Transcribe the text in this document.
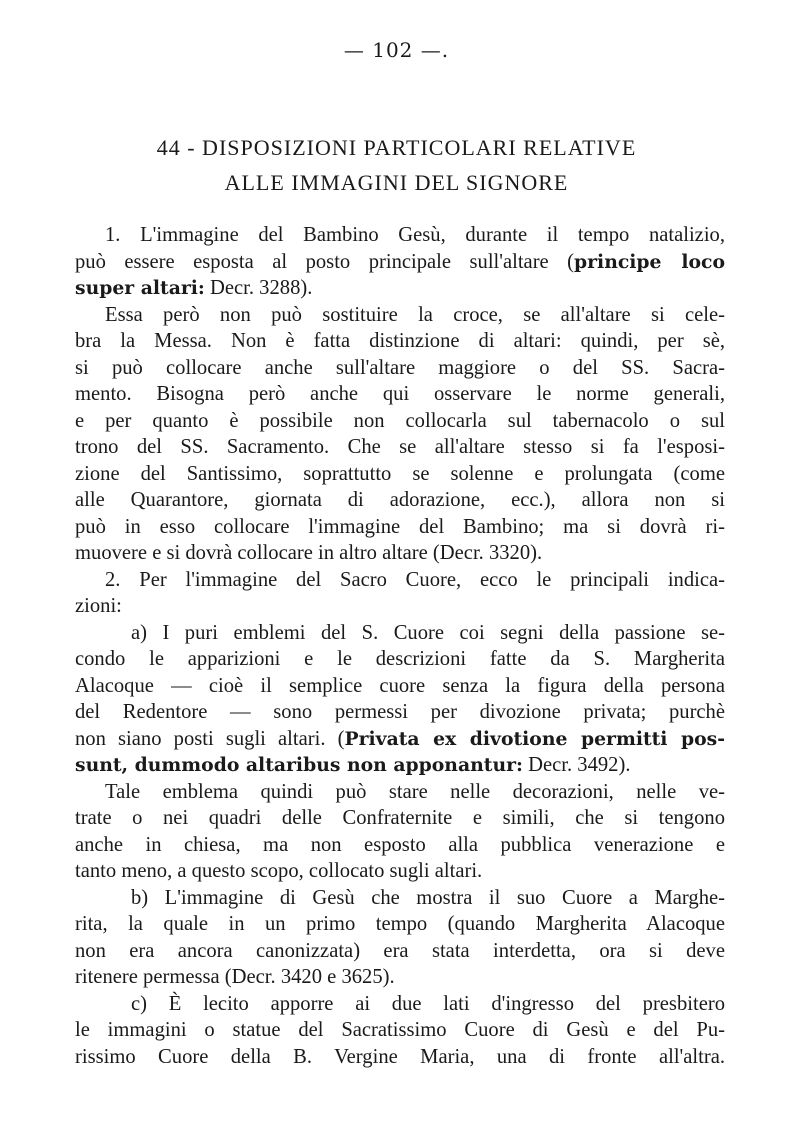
— 102 —.
44 - DISPOSIZIONI PARTICOLARI RELATIVE
ALLE IMMAGINI DEL SIGNORE
1. L'immagine del Bambino Gesù, durante il tempo natalizio,
può essere esposta al posto principale sull'altare (principe loco
super altari: Decr. 3288).
Essa però non può sostituire la croce, se all'altare si cele-
bra la Messa. Non è fatta distinzione di altari: quindi, per sè,
si può collocare anche sull'altare maggiore o del SS. Sacra-
mento. Bisogna però anche qui osservare le norme generali,
e per quanto è possibile non collocarla sul tabernacolo o sul
trono del SS. Sacramento. Che se all'altare stesso si fa l'esposi-
zione del Santissimo, soprattutto se solenne e prolungata (come
alle Quarantore, giornata di adorazione, ecc.), allora non si
può in esso collocare l'immagine del Bambino; ma si dovrà ri-
muovere e si dovrà collocare in altro altare (Decr. 3320).
2. Per l'immagine del Sacro Cuore, ecco le principali indica-
zioni:
a) I puri emblemi del S. Cuore coi segni della passione se-
condo le apparizioni e le descrizioni fatte da S. Margherita
Alacoque — cioè il semplice cuore senza la figura della persona
del Redentore — sono permessi per divozione privata; purchè
non siano posti sugli altari. (Privata ex divotione permitti pos-
sunt, dummodo altaribus non apponantur: Decr. 3492).
Tale emblema quindi può stare nelle decorazioni, nelle ve-
trate o nei quadri delle Confraternite e simili, che si tengono
anche in chiesa, ma non esposto alla pubblica venerazione e
tanto meno, a questo scopo, collocato sugli altari.
b) L'immagine di Gesù che mostra il suo Cuore a Marghe-
rita, la quale in un primo tempo (quando Margherita Alacoque
non era ancora canonizzata) era stata interdetta, ora si deve
ritenere permessa (Decr. 3420 e 3625).
c) È lecito apporre ai due lati d'ingresso del presbitero
le immagini o statue del Sacratissimo Cuore di Gesù e del Pu-
rissimo Cuore della B. Vergine Maria, una di fronte all'altra.
